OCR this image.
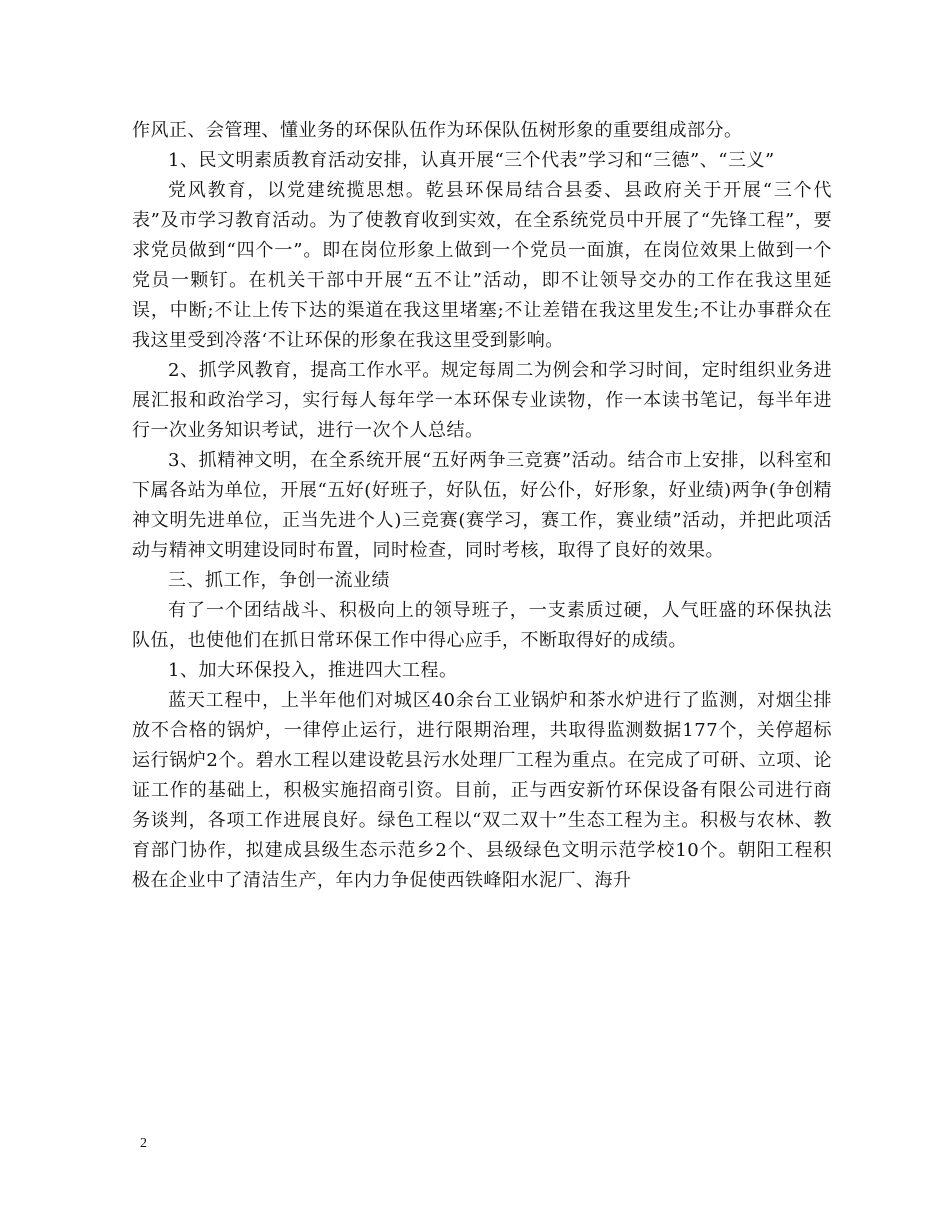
作风正、会管理、懂业务的环保队伍作为环保队伍树形象的重要组成部分。

1、民文明素质教育活动安排，认真开展“三个代表”学习和“三德”、“三义”

党风教育，以党建统揽思想。乾县环保局结合县委、县政府关于开展“三个代表”及市学习教育活动。为了使教育收到实效，在全系统党员中开展了“先锋工程”，要求党员做到“四个一”。即在岗位形象上做到一个党员一面旗，在岗位效果上做到一个党员一颗钉。在机关干部中开展“五不让”活动，即不让领导交办的工作在我这里延误，中断;不让上传下达的渠道在我这里堵塞;不让差错在我这里发生;不让办事群众在我这里受到冷落‘不让环保的形象在我这里受到影响。

2、抓学风教育，提高工作水平。规定每周二为例会和学习时间，定时组织业务进展汇报和政治学习，实行每人每年学一本环保专业读物，作一本读书笔记，每半年进行一次业务知识考试，进行一次个人总结。

3、抓精神文明，在全系统开展“五好两争三竞赛”活动。结合市上安排，以科室和下属各站为单位，开展“五好(好班子，好队伍，好公仆，好形象，好业绩)两争(争创精神文明先进单位，正当先进个人)三竞赛(赛学习，赛工作，赛业绩”活动，并把此项活动与精神文明建设同时布置，同时检查，同时考核，取得了良好的效果。

三、抓工作，争创一流业绩

有了一个团结战斗、积极向上的领导班子，一支素质过硬，人气旺盛的环保执法队伍，也使他们在抓日常环保工作中得心应手，不断取得好的成绩。

1、加大环保投入，推进四大工程。

蓝天工程中，上半年他们对城区40余台工业锅炉和茶水炉进行了监测，对烟尘排放不合格的锅炉，一律停止运行，进行限期治理，共取得监测数据177个，关停超标运行锅炉2个。碧水工程以建设乾县污水处理厂工程为重点。在完成了可研、立项、论证工作的基础上，积极实施招商引资。目前，正与西安新竹环保设备有限公司进行商务谈判，各项工作进展良好。绿色工程以“双二双十”生态工程为主。积极与农林、教育部门协作，拟建成县级生态示范乡2个、县级绿色文明示范学校10个。朝阳工程积极在企业中了清洁生产，年内力争促使西铁峰阳水泥厂、海升

2
